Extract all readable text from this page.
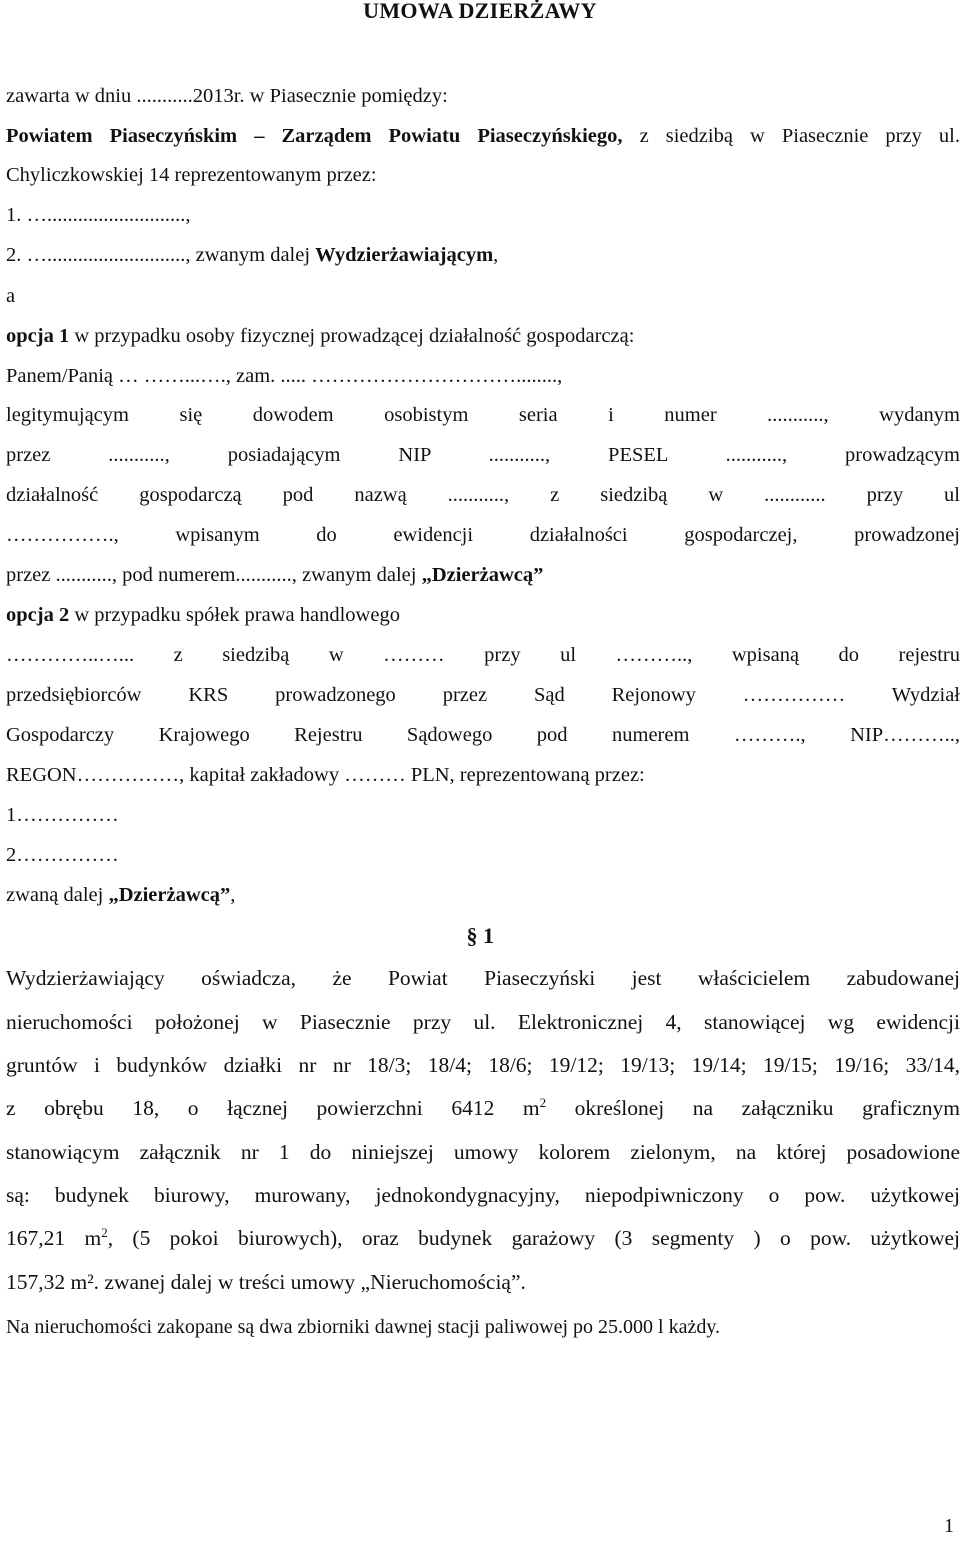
UMOWA DZIERŻAWY
zawarta w dniu ...........2013r. w Piasecznie pomiędzy:
Powiatem Piaseczyńskim – Zarządem Powiatu Piaseczyńskiego, z siedzibą w Piasecznie przy ul.
Chyliczkowskiej 14 reprezentowanym przez:
1. …...........................,
2. …..........................., zwanym dalej Wydzierżawiającym,
a
opcja 1 w przypadku osoby fizycznej prowadzącej działalność gospodarczą:
Panem/Panią … ……...…., zam. ..... …………………………........,
legitymującym się dowodem osobistym seria i numer ..........., wydanym
przez ..........., posiadającym NIP ..........., PESEL ..........., prowadzącym
działalność gospodarczą pod nazwą ..........., z siedzibą w ............ przy ul
……………., wpisanym do ewidencji działalności gospodarczej, prowadzonej
przez ..........., pod numerem..........., zwanym dalej „Dzierżawcą”
opcja 2 w przypadku spółek prawa handlowego
…………..…... z siedzibą w ……… przy ul ……….., wpisaną do rejestru
przedsiębiorców KRS prowadzonego przez Sąd Rejonowy …………… Wydział
Gospodarczy Krajowego Rejestru Sądowego pod numerem ………., NIP………..,
REGON……………, kapitał zakładowy ……… PLN, reprezentowaną przez:
1……………
2……………
zwaną dalej „Dzierżawcą”,
§ 1
Wydzierżawiający oświadcza, że Powiat Piaseczyński jest właścicielem zabudowanej
nieruchomości położonej w Piasecznie przy ul. Elektronicznej 4, stanowiącej wg ewidencji
gruntów i budynków działki nr nr 18/3; 18/4; 18/6; 19/12; 19/13; 19/14; 19/15; 19/16; 33/14,
z obrębu 18, o łącznej powierzchni 6412 $m^2$ określonej na załączniku graficznym
stanowiącym załącznik nr 1 do niniejszej umowy kolorem zielonym, na której posadowione
są: budynek biurowy, murowany, jednokondygnacyjny, niepodpiwniczony o pow. użytkowej
167,21 $m^2$, (5 pokoi biurowych), oraz budynek garażowy (3 segmenty ) o pow. użytkowej
157,32 m². zwanej dalej w treści umowy „Nieruchomością”.
Na nieruchomości zakopane są dwa zbiorniki dawnej stacji paliwowej po 25.000 l każdy.
1
